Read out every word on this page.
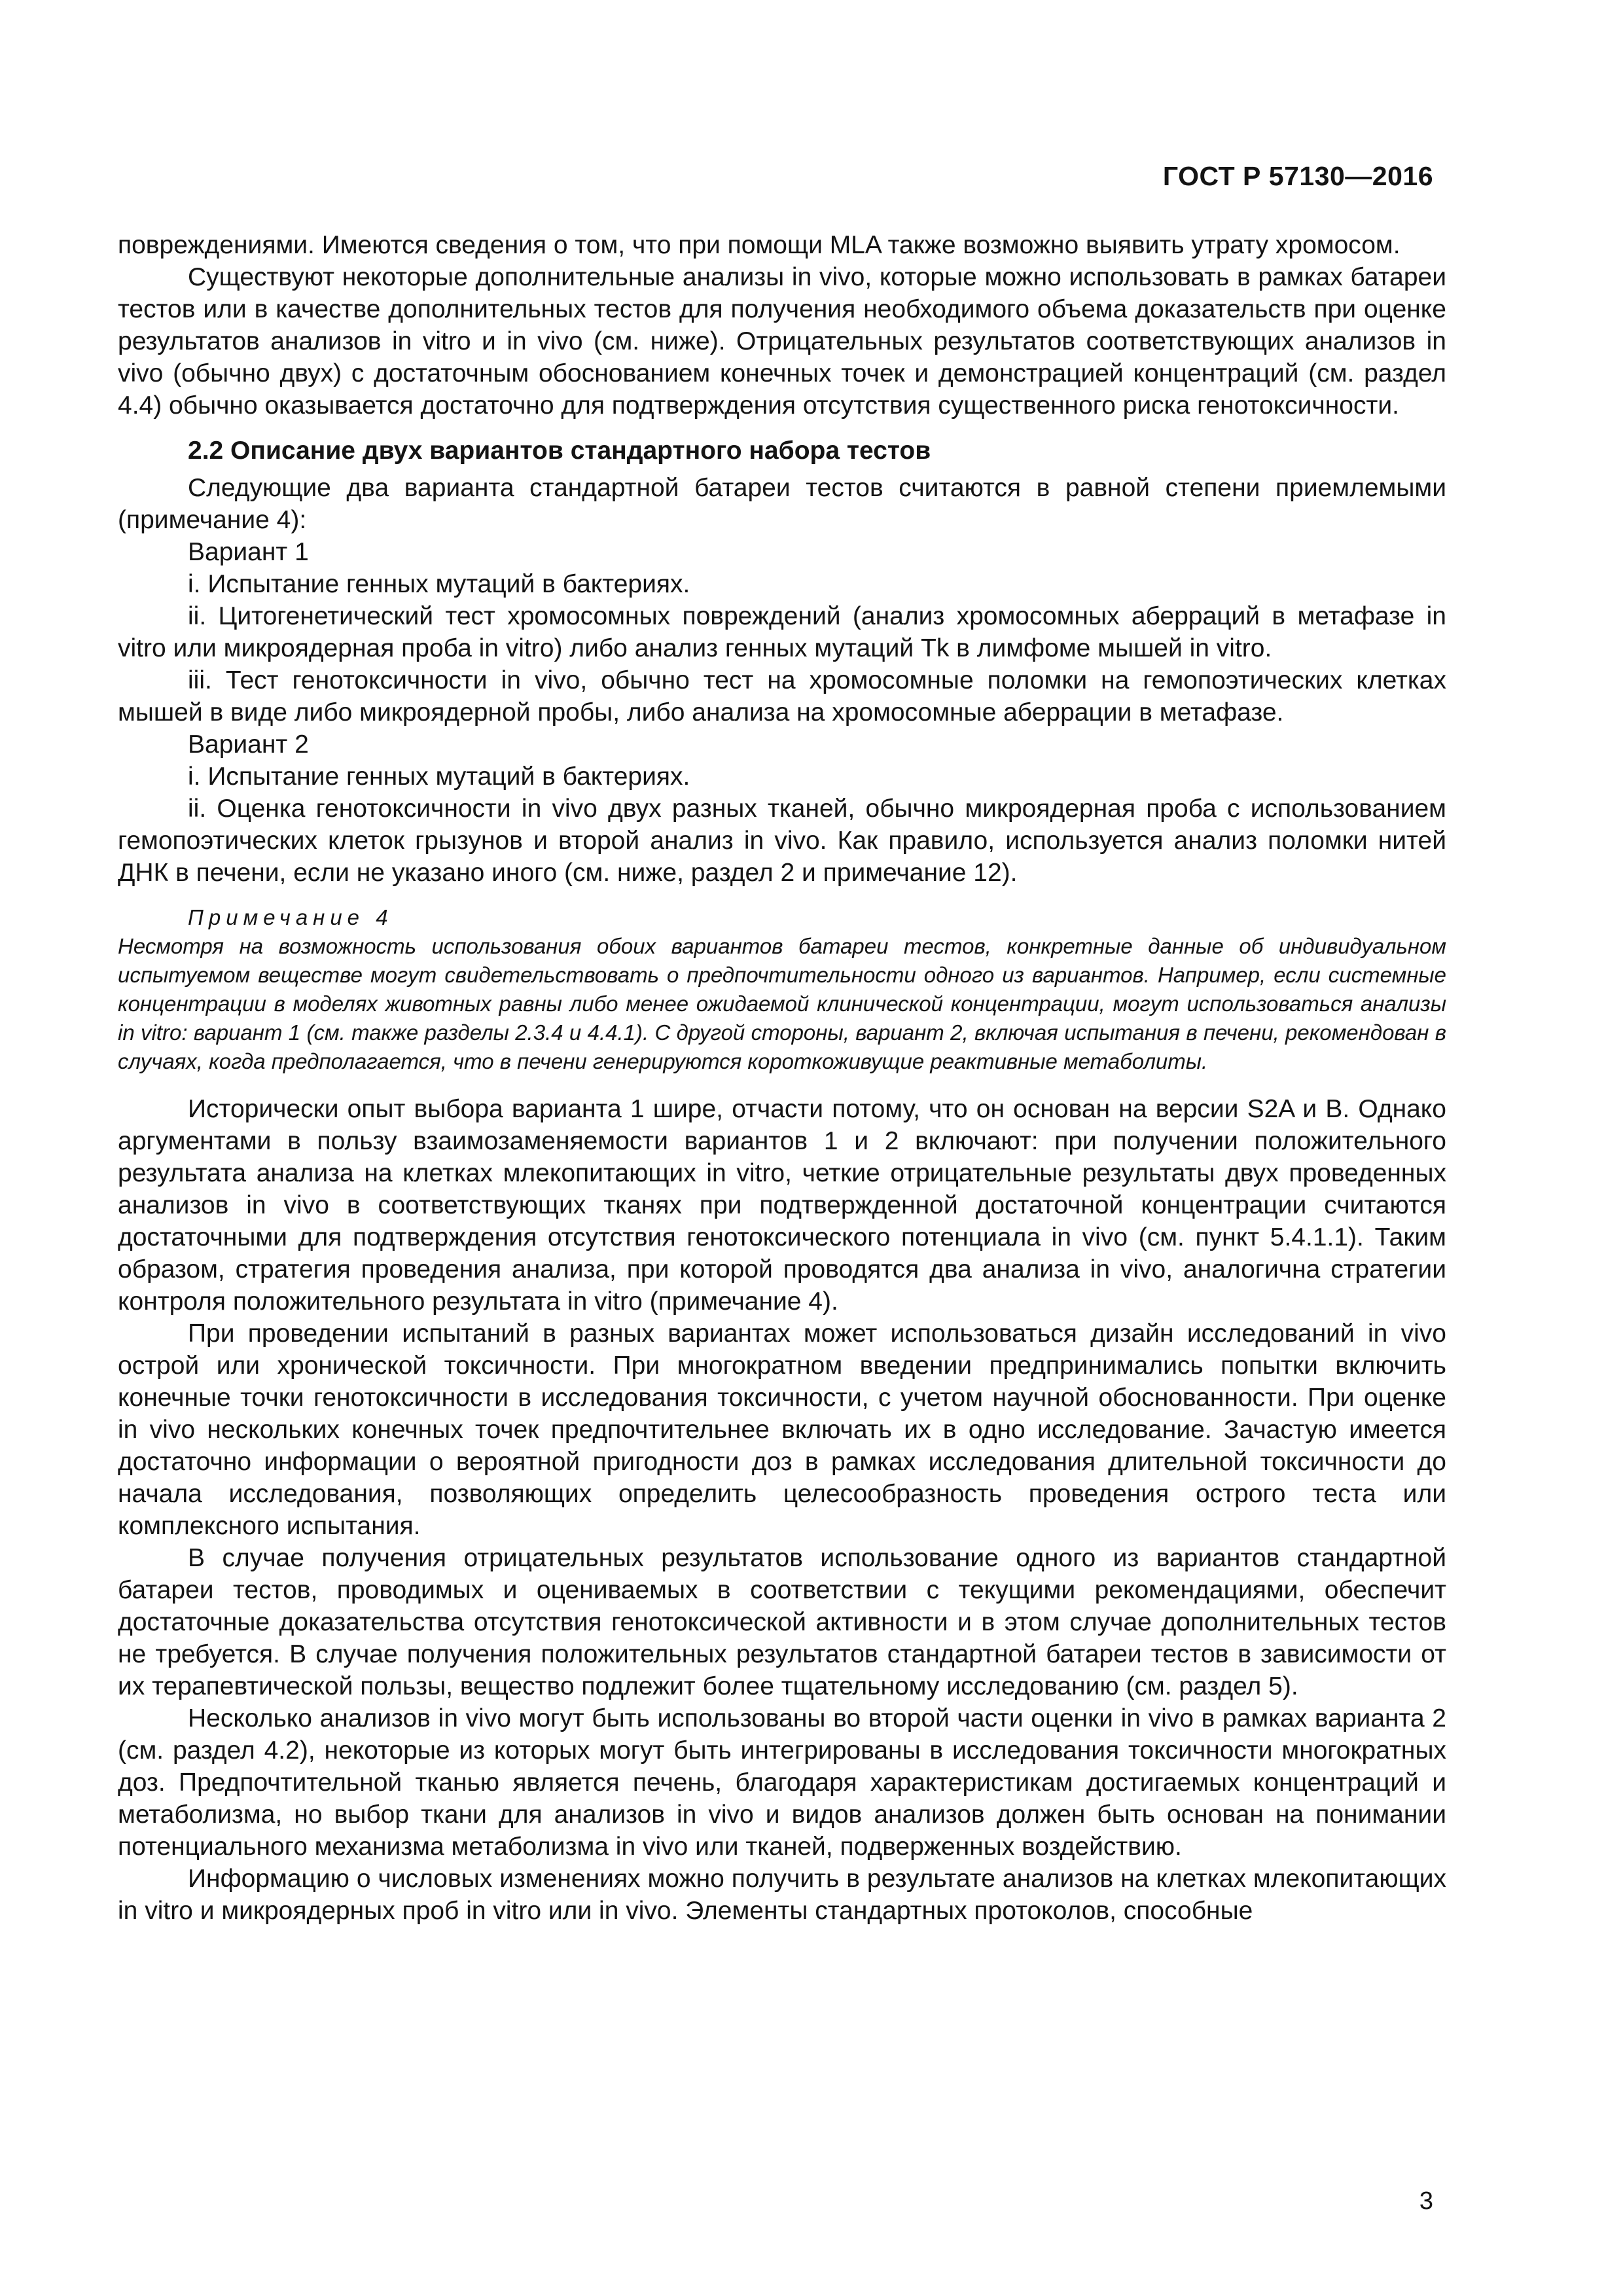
ГОСТ Р 57130—2016

повреждениями. Имеются сведения о том, что при помощи MLA также возможно выявить утрату хромосом.

Существуют некоторые дополнительные анализы in vivo, которые можно использовать в рамках батареи тестов или в качестве дополнительных тестов для получения необходимого объема доказательств при оценке результатов анализов in vitro и in vivo (см. ниже). Отрицательных результатов соответствующих анализов in vivo (обычно двух) с достаточным обоснованием конечных точек и демонстрацией концентраций (см. раздел 4.4) обычно оказывается достаточно для подтверждения отсутствия существенного риска генотоксичности.

2.2 Описание двух вариантов стандартного набора тестов

Следующие два варианта стандартной батареи тестов считаются в равной степени приемлемыми (примечание 4):

Вариант 1

i. Испытание генных мутаций в бактериях.

ii. Цитогенетический тест хромосомных повреждений (анализ хромосомных аберраций в метафазе in vitro или микроядерная проба in vitro) либо анализ генных мутаций Tk в лимфоме мышей in vitro.

iii. Тест генотоксичности in vivo, обычно тест на хромосомные поломки на гемопоэтических клетках мышей в виде либо микроядерной пробы, либо анализа на хромосомные аберрации в метафазе.

Вариант 2

i. Испытание генных мутаций в бактериях.

ii. Оценка генотоксичности in vivo двух разных тканей, обычно микроядерная проба с использованием гемопоэтических клеток грызунов и второй анализ in vivo. Как правило, используется анализ поломки нитей ДНК в печени, если не указано иного (см. ниже, раздел 2 и примечание 12).

Примечание 4

Несмотря на возможность использования обоих вариантов батареи тестов, конкретные данные об индивидуальном испытуемом веществе могут свидетельствовать о предпочтительности одного из вариантов. Например, если системные концентрации в моделях животных равны либо менее ожидаемой клинической концентрации, могут использоваться анализы in vitro: вариант 1 (см. также разделы 2.3.4 и 4.4.1). С другой стороны, вариант 2, включая испытания в печени, рекомендован в случаях, когда предполагается, что в печени генерируются короткоживущие реактивные метаболиты.

Исторически опыт выбора варианта 1 шире, отчасти потому, что он основан на версии S2A и B. Однако аргументами в пользу взаимозаменяемости вариантов 1 и 2 включают: при получении положительного результата анализа на клетках млекопитающих in vitro, четкие отрицательные результаты двух проведенных анализов in vivo в соответствующих тканях при подтвержденной достаточной концентрации считаются достаточными для подтверждения отсутствия генотоксического потенциала in vivo (см. пункт 5.4.1.1). Таким образом, стратегия проведения анализа, при которой проводятся два анализа in vivo, аналогична стратегии контроля положительного результата in vitro (примечание 4).

При проведении испытаний в разных вариантах может использоваться дизайн исследований in vivo острой или хронической токсичности. При многократном введении предпринимались попытки включить конечные точки генотоксичности в исследования токсичности, с учетом научной обоснованности. При оценке in vivo нескольких конечных точек предпочтительнее включать их в одно исследование. Зачастую имеется достаточно информации о вероятной пригодности доз в рамках исследования длительной токсичности до начала исследования, позволяющих определить целесообразность проведения острого теста или комплексного испытания.

В случае получения отрицательных результатов использование одного из вариантов стандартной батареи тестов, проводимых и оцениваемых в соответствии с текущими рекомендациями, обеспечит достаточные доказательства отсутствия генотоксической активности и в этом случае дополнительных тестов не требуется. В случае получения положительных результатов стандартной батареи тестов в зависимости от их терапевтической пользы, вещество подлежит более тщательному исследованию (см. раздел 5).

Несколько анализов in vivo могут быть использованы во второй части оценки in vivo в рамках варианта 2 (см. раздел 4.2), некоторые из которых могут быть интегрированы в исследования токсичности многократных доз. Предпочтительной тканью является печень, благодаря характеристикам достигаемых концентраций и метаболизма, но выбор ткани для анализов in vivo и видов анализов должен быть основан на понимании потенциального механизма метаболизма in vivo или тканей, подверженных воздействию.

Информацию о числовых изменениях можно получить в результате анализов на клетках млекопитающих in vitro и микроядерных проб in vitro или in vivo. Элементы стандартных протоколов, способные

3
